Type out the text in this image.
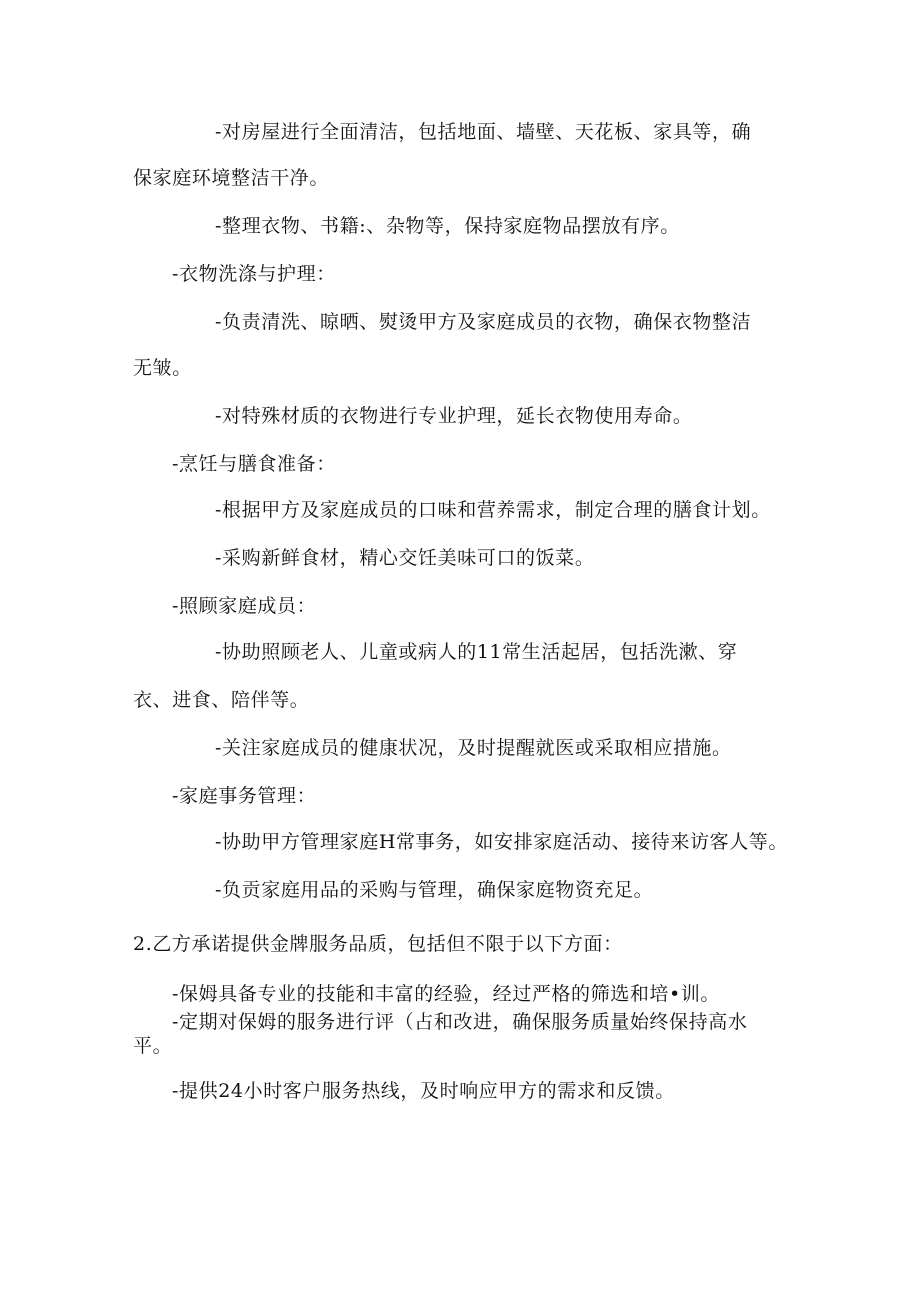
-对房屋进行全面清洁，包括地面、墙壁、天花板、家具等，确
保家庭环境整洁干净。
-整理衣物、书籍:、杂物等，保持家庭物品摆放有序。
-衣物洗涤与护理：
-负责清洗、晾晒、熨烫甲方及家庭成员的衣物，确保衣物整洁
无皱。
-对特殊材质的衣物进行专业护理，延长衣物使用寿命。
-烹饪与膳食准备：
-根据甲方及家庭成员的口味和营养需求，制定合理的膳食计划。
-采购新鲜食材，精心交饪美味可口的饭菜。
-照顾家庭成员：
-协助照顾老人、儿童或病人的11常生活起居，包括洗漱、穿
衣、进食、陪伴等。
-关注家庭成员的健康状况，及时提醒就医或采取相应措施。
-家庭事务管理：
-协助甲方管理家庭H常事务，如安排家庭活动、接待来访客人等。
-负贡家庭用品的采购与管理，确保家庭物资充足。
2.乙方承诺提供金牌服务品质，包括但不限于以下方面：
-保姆具备专业的技能和丰富的经验，经过严格的筛选和培•训。
-定期对保姆的服务进行评（占和改进，确保服务质量始终保持高水
平。
-提供24小时客户服务热线，及时响应甲方的需求和反馈。
